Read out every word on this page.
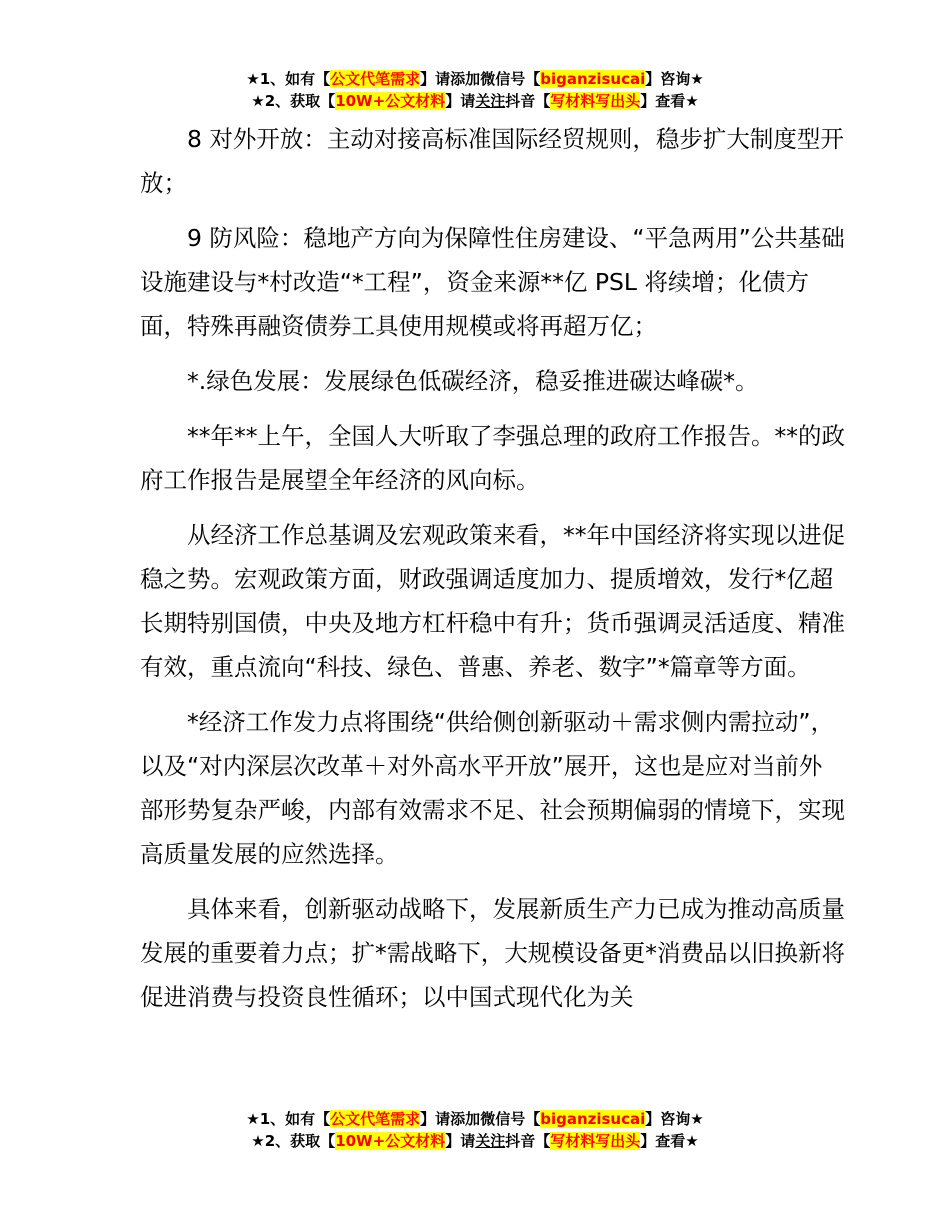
★1、如有【公文代笔需求】请添加微信号【biganzisucai】咨询★
★2、获取【10W+公文材料】请关注抖音【写材料写出头】查看★

8 对外开放：主动对接高标准国际经贸规则，稳步扩大制度型开放；

9 防风险：稳地产方向为保障性住房建设、“平急两用”公共基础设施建设与*村改造“*工程”，资金来源**亿 PSL 将续增；化债方面，特殊再融资债券工具使用规模或将再超万亿；

*.绿色发展：发展绿色低碳经济，稳妥推进碳达峰碳*。

**年**上午，全国人大听取了李强总理的政府工作报告。**的政府工作报告是展望全年经济的风向标。

从经济工作总基调及宏观政策来看，**年中国经济将实现以进促稳之势。宏观政策方面，财政强调适度加力、提质增效，发行*亿超长期特别国债，中央及地方杠杆稳中有升；货币强调灵活适度、精准有效，重点流向“科技、绿色、普惠、养老、数字”*篇章等方面。

*经济工作发力点将围绕“供给侧创新驱动＋需求侧内需拉动”，以及“对内深层次改革＋对外高水平开放”展开，这也是应对当前外部形势复杂严峻，内部有效需求不足、社会预期偏弱的情境下，实现高质量发展的应然选择。

具体来看，创新驱动战略下，发展新质生产力已成为推动高质量发展的重要着力点；扩*需战略下，大规模设备更*消费品以旧换新将促进消费与投资良性循环；以中国式现代化为关

★1、如有【公文代笔需求】请添加微信号【biganzisucai】咨询★
★2、获取【10W+公文材料】请关注抖音【写材料写出头】查看★
